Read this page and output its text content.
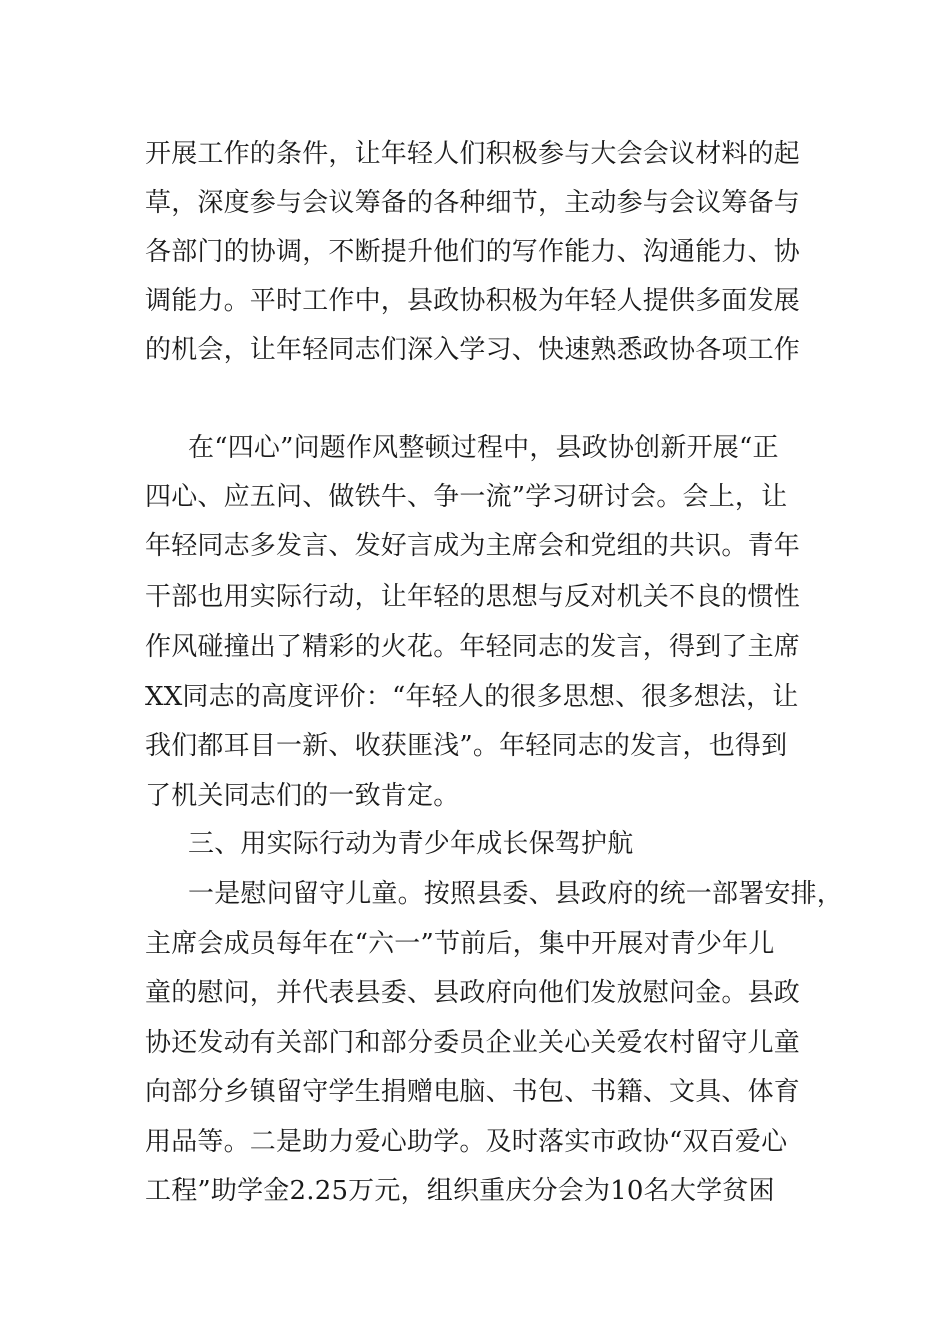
开展工作的条件，让年轻人们积极参与大会会议材料的起
草，深度参与会议筹备的各种细节，主动参与会议筹备与
各部门的协调，不断提升他们的写作能力、沟通能力、协
调能力。平时工作中，县政协积极为年轻人提供多面发展
的机会，让年轻同志们深入学习、快速熟悉政协各项工作
在“四心”问题作风整顿过程中，县政协创新开展“正
四心、应五问、做铁牛、争一流”学习研讨会。会上，让
年轻同志多发言、发好言成为主席会和党组的共识。青年
干部也用实际行动，让年轻的思想与反对机关不良的惯性
作风碰撞出了精彩的火花。年轻同志的发言，得到了主席
XX同志的高度评价：“年轻人的很多思想、很多想法，让
我们都耳目一新、收获匪浅”。年轻同志的发言，也得到
了机关同志们的一致肯定。
三、用实际行动为青少年成长保驾护航
一是慰问留守儿童。按照县委、县政府的统一部署安排，
主席会成员每年在“六一”节前后，集中开展对青少年儿
童的慰问，并代表县委、县政府向他们发放慰问金。县政
协还发动有关部门和部分委员企业关心关爱农村留守儿童
向部分乡镇留守学生捐赠电脑、书包、书籍、文具、体育
用品等。二是助力爱心助学。及时落实市政协“双百爱心
工程”助学金2.25万元，组织重庆分会为10名大学贫困
